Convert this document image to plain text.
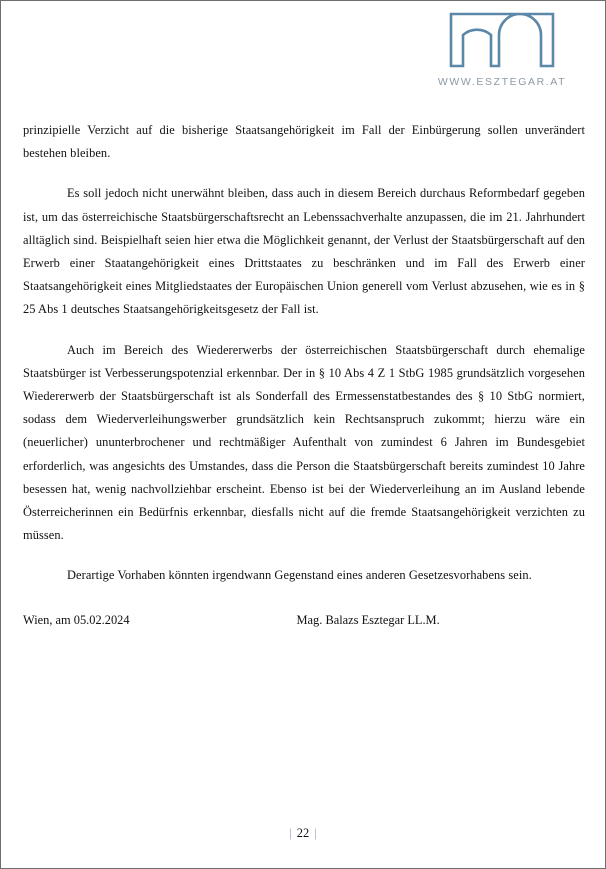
WWW.ESZTEGAR.AT

prinzipielle Verzicht auf die bisherige Staatsangehörigkeit im Fall der Einbürgerung sollen unverändert bestehen bleiben.

Es soll jedoch nicht unerwähnt bleiben, dass auch in diesem Bereich durchaus Reformbedarf gegeben ist, um das österreichische Staatsbürgerschaftsrecht an Lebenssachverhalte anzupassen, die im 21. Jahrhundert alltäglich sind. Beispielhaft seien hier etwa die Möglichkeit genannt, der Verlust der Staatsbürgerschaft auf den Erwerb einer Staatangehörigkeit eines Drittstaates zu beschränken und im Fall des Erwerb einer Staatsangehörigkeit eines Mitgliedstaates der Europäischen Union generell vom Verlust abzusehen, wie es in § 25 Abs 1 deutsches Staatsangehörigkeitsgesetz der Fall ist.

Auch im Bereich des Wiedererwerbs der österreichischen Staatsbürgerschaft durch ehemalige Staatsbürger ist Verbesserungspotenzial erkennbar. Der in § 10 Abs 4 Z 1 StbG 1985 grundsätzlich vorgesehen Wiedererwerb der Staatsbürgerschaft ist als Sonderfall des Ermessenstatbestandes des § 10 StbG normiert, sodass dem Wiederverleihungswerber grundsätzlich kein Rechtsanspruch zukommt; hierzu wäre ein (neuerlicher) ununterbrochener und rechtmäßiger Aufenthalt von zumindest 6 Jahren im Bundesgebiet erforderlich, was angesichts des Umstandes, dass die Person die Staatsbürgerschaft bereits zumindest 10 Jahre besessen hat, wenig nachvollziehbar erscheint. Ebenso ist bei der Wiederverleihung an im Ausland lebende Österreicherinnen ein Bedürfnis erkennbar, diesfalls nicht auf die fremde Staatsangehörigkeit verzichten zu müssen.

Derartige Vorhaben könnten irgendwann Gegenstand eines anderen Gesetzesvorhabens sein.

Wien, am 05.02.2024	Mag. Balazs Esztegar LL.M.
| 22 |
